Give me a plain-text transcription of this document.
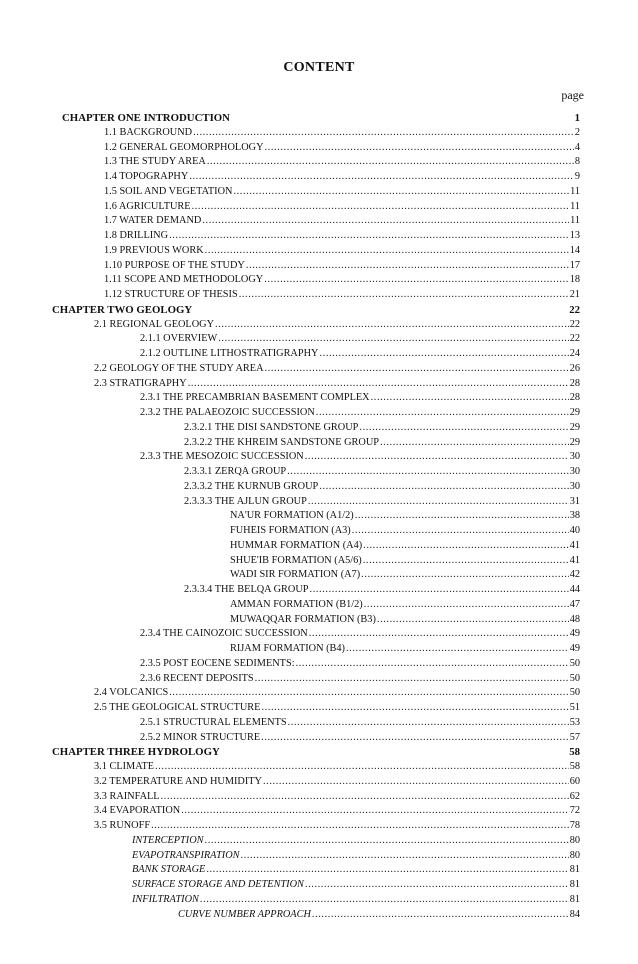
CONTENT
page
CHAPTER ONE INTRODUCTION	1
1.1 BACKGROUND .....	2
1.2 GENERAL GEOMORPHOLOGY .....	4
1.3 THE STUDY AREA .....	8
1.4 TOPOGRAPHY .....	9
1.5 SOIL AND VEGETATION .....	11
1.6 AGRICULTURE .....	11
1.7 WATER DEMAND .....	11
1.8 DRILLING .....	13
1.9 PREVIOUS WORK .....	14
1.10 PURPOSE OF THE STUDY .....	17
1.11 SCOPE AND METHODOLOGY .....	18
1.12 STRUCTURE OF THESIS .....	21
CHAPTER TWO GEOLOGY	22
2.1 REGIONAL GEOLOGY .....	22
2.1.1 OVERVIEW .....	22
2.1.2 OUTLINE LITHOSTRATIGRAPHY .....	24
2.2 GEOLOGY OF THE STUDY AREA .....	26
2.3 STRATIGRAPHY .....	28
2.3.1 THE PRECAMBRIAN BASEMENT COMPLEX .....	28
2.3.2 THE PALAEOZOIC SUCCESSION .....	29
2.3.2.1 THE DISI SANDSTONE GROUP .....	29
2.3.2.2 THE KHREIM SANDSTONE GROUP .....	29
2.3.3 THE MESOZOIC SUCCESSION .....	30
2.3.3.1 ZERQA GROUP .....	30
2.3.3.2 THE KURNUB GROUP .....	30
2.3.3.3 THE AJLUN GROUP .....	31
NA'UR FORMATION (A1/2) .....	38
FUHEIS FORMATION (A3) .....	40
HUMMAR FORMATION (A4) .....	41
SHUE'IB FORMATION (A5/6) .....	41
WADI SIR FORMATION (A7) .....	42
2.3.3.4 THE BELQA GROUP .....	44
AMMAN FORMATION (B1/2) .....	47
MUWAQQAR FORMATION (B3) .....	48
2.3.4 THE CAINOZOIC SUCCESSION .....	49
RIJAM FORMATION (B4) .....	49
2.3.5 POST EOCENE SEDIMENTS: .....	50
2.3.6 RECENT DEPOSITS .....	50
2.4 VOLCANICS .....	50
2.5 THE GEOLOGICAL STRUCTURE .....	51
2.5.1 STRUCTURAL ELEMENTS .....	53
2.5.2 MINOR STRUCTURE .....	57
CHAPTER THREE HYDROLOGY	58
3.1 CLIMATE .....	58
3.2 TEMPERATURE AND HUMIDITY .....	60
3.3 RAINFALL .....	62
3.4 EVAPORATION .....	72
3.5 RUNOFF .....	78
INTERCEPTION .....	80
EVAPOTRANSPIRATION .....	80
BANK STORAGE .....	81
SURFACE STORAGE AND DETENTION .....	81
INFILTRATION .....	81
CURVE NUMBER APPROACH .....	84
